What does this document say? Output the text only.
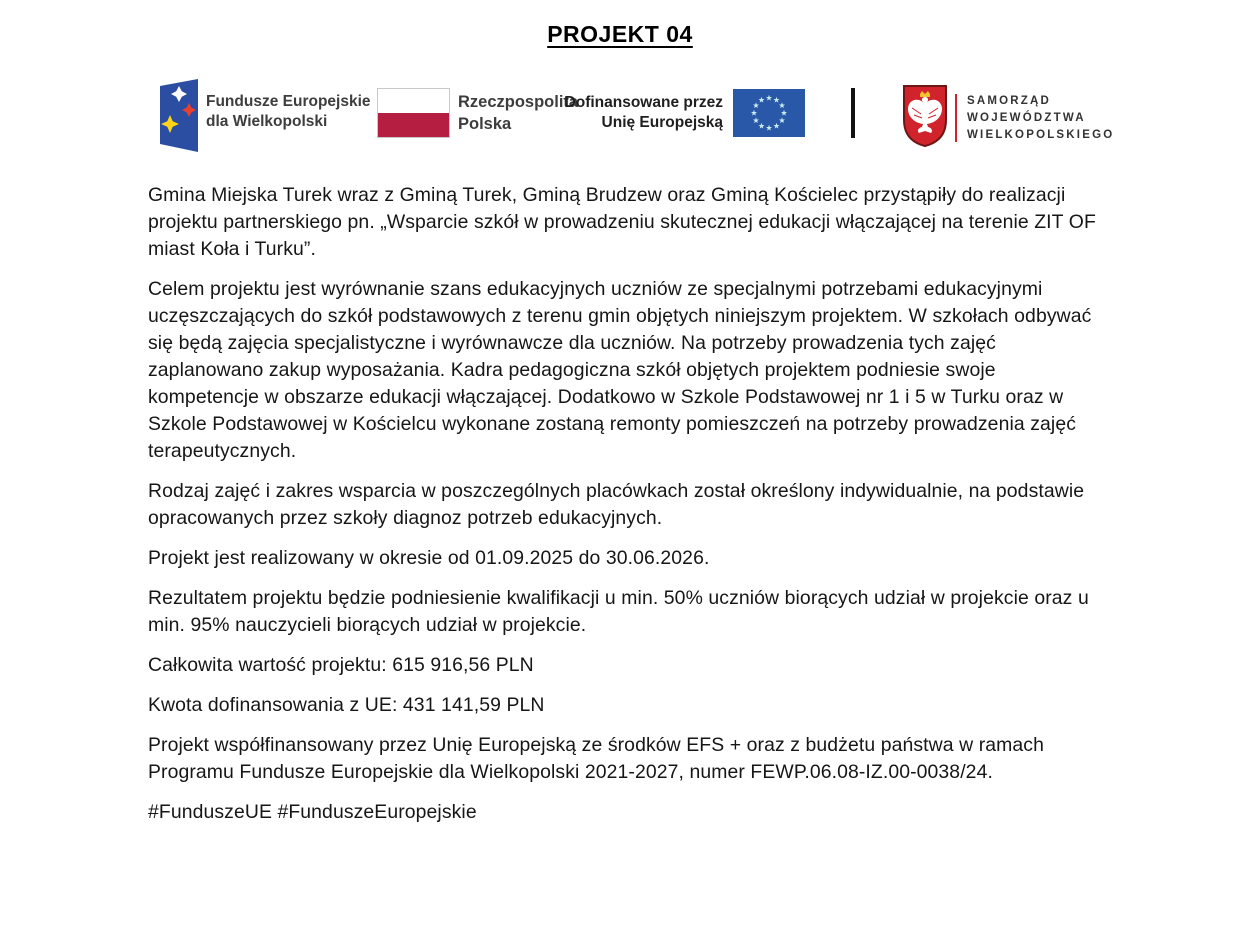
PROJEKT 04
Fundusze Europejskie
dla Wielkopolski
Rzeczpospolita
Polska
Dofinansowane przez
Unię Europejską
SAMORZĄD
WOJEWÓDZTWA
WIELKOPOLSKIEGO

Gmina Miejska Turek wraz z Gminą Turek, Gminą Brudzew oraz Gminą Kościelec przystąpiły do realizacji projektu partnerskiego pn. „Wsparcie szkół w prowadzeniu skutecznej edukacji włączającej na terenie ZIT OF miast Koła i Turku”.

Celem projektu jest wyrównanie szans edukacyjnych uczniów ze specjalnymi potrzebami edukacyjnymi uczęszczających do szkół podstawowych z terenu gmin objętych niniejszym projektem. W szkołach odbywać się będą zajęcia specjalistyczne i wyrównawcze dla uczniów. Na potrzeby prowadzenia tych zajęć zaplanowano zakup wyposażania. Kadra pedagogiczna szkół objętych projektem podniesie swoje kompetencje w obszarze edukacji włączającej. Dodatkowo w Szkole Podstawowej nr 1 i 5 w Turku oraz w Szkole Podstawowej w Kościelcu wykonane zostaną remonty pomieszczeń na potrzeby prowadzenia zajęć terapeutycznych.

Rodzaj zajęć i zakres wsparcia w poszczególnych placówkach został określony indywidualnie, na podstawie opracowanych przez szkoły diagnoz potrzeb edukacyjnych.

Projekt jest realizowany w okresie od 01.09.2025 do 30.06.2026.

Rezultatem projektu będzie podniesienie kwalifikacji u min. 50% uczniów biorących udział w projekcie oraz u min. 95% nauczycieli biorących udział w projekcie.

Całkowita wartość projektu: 615 916,56 PLN

Kwota dofinansowania z UE: 431 141,59 PLN

Projekt współfinansowany przez Unię Europejską ze środków EFS + oraz z budżetu państwa w ramach Programu Fundusze Europejskie dla Wielkopolski 2021-2027, numer FEWP.06.08-IZ.00-0038/24.

#FunduszeUE #FunduszeEuropejskie
